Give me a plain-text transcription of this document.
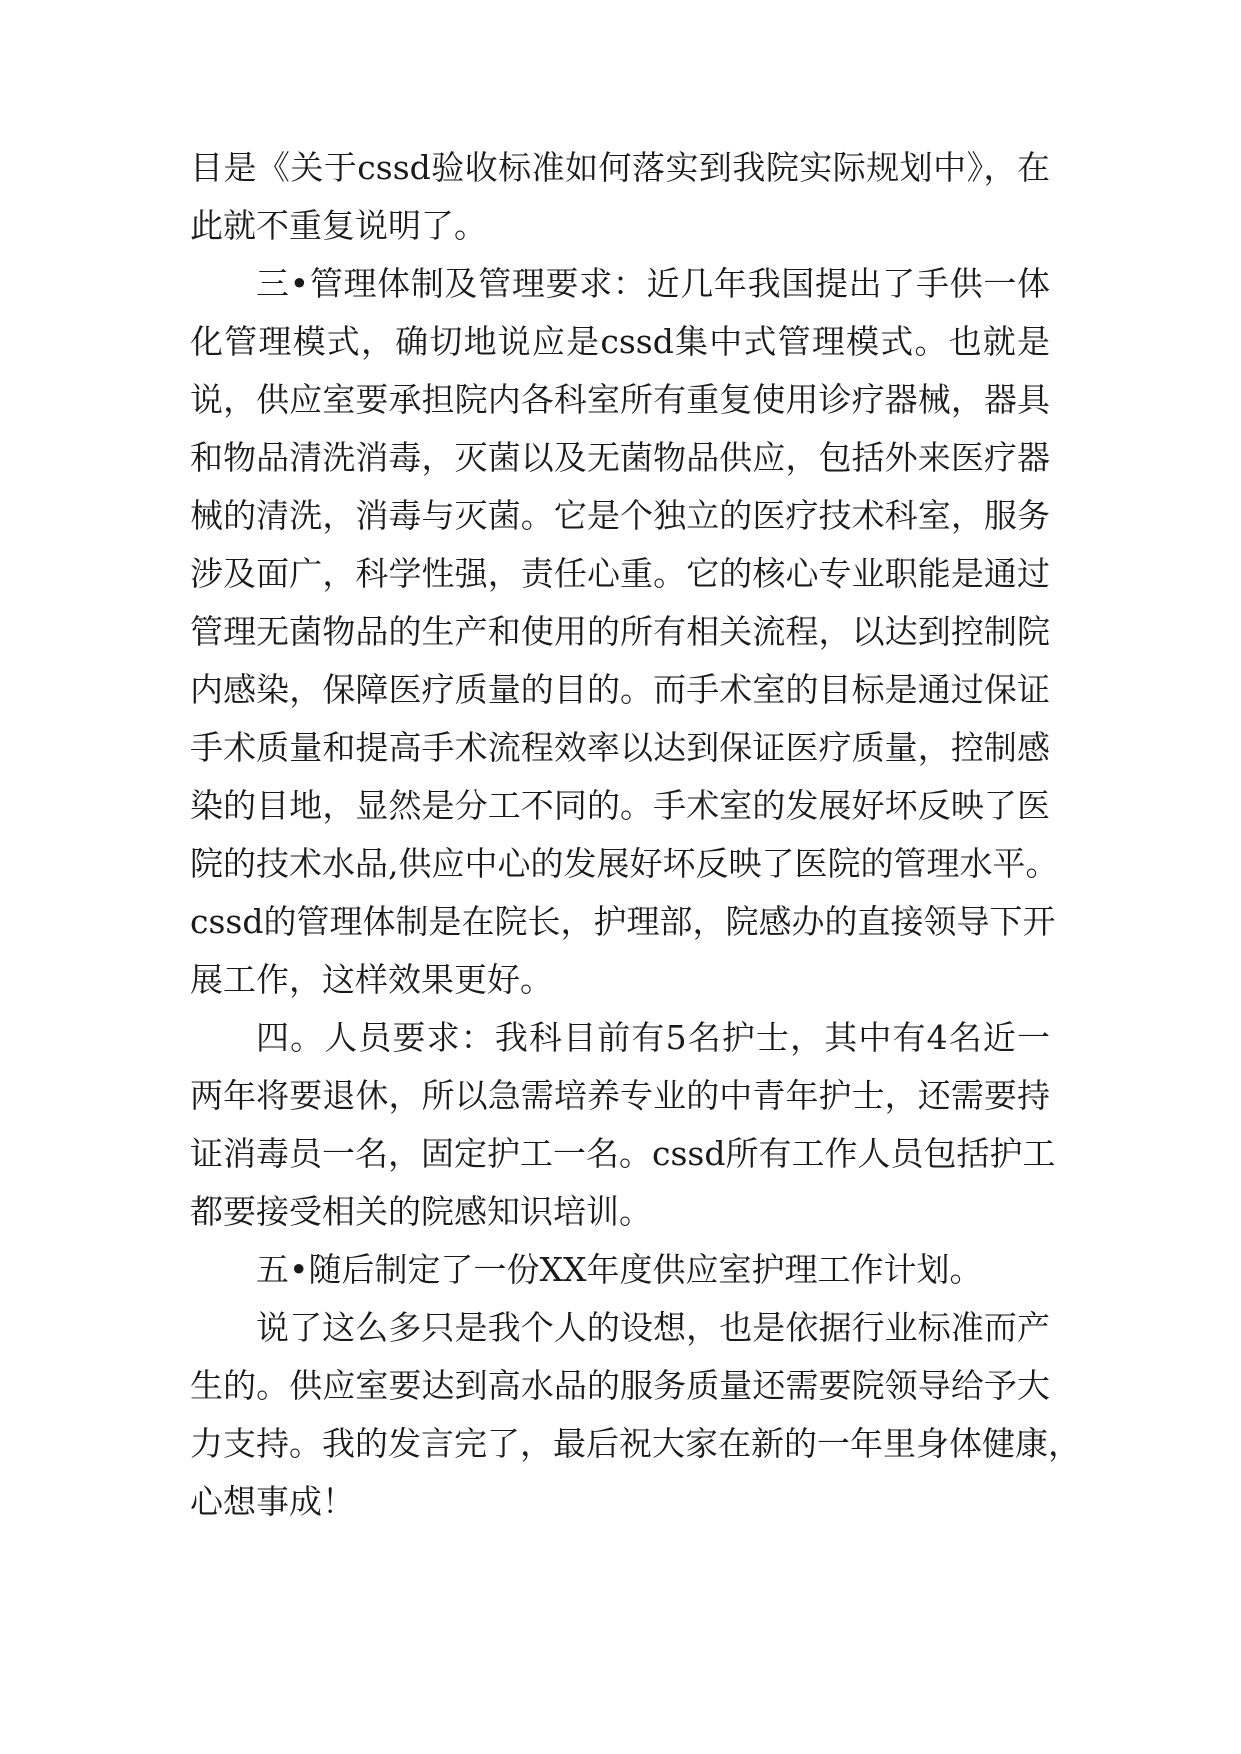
目是《关于cssd验收标准如何落实到我院实际规划中》，在
此就不重复说明了。
三•管理体制及管理要求：近几年我国提出了手供一体
化管理模式，确切地说应是cssd集中式管理模式。也就是
说，供应室要承担院内各科室所有重复使用诊疗器械，器具
和物品清洗消毒，灭菌以及无菌物品供应，包括外来医疗器
械的清洗，消毒与灭菌。它是个独立的医疗技术科室，服务
涉及面广，科学性强，责任心重。它的核心专业职能是通过
管理无菌物品的生产和使用的所有相关流程，以达到控制院
内感染，保障医疗质量的目的。而手术室的目标是通过保证
手术质量和提高手术流程效率以达到保证医疗质量，控制感
染的目地，显然是分工不同的。手术室的发展好坏反映了医
院的技术水品,供应中心的发展好坏反映了医院的管理水平。
cssd的管理体制是在院长，护理部，院感办的直接领导下开
展工作，这样效果更好。
四。人员要求：我科目前有5名护士，其中有4名近一
两年将要退休，所以急需培养专业的中青年护士，还需要持
证消毒员一名，固定护工一名。cssd所有工作人员包括护工
都要接受相关的院感知识培训。
五•随后制定了一份XX年度供应室护理工作计划。
说了这么多只是我个人的设想，也是依据行业标准而产
生的。供应室要达到高水品的服务质量还需要院领导给予大
力支持。我的发言完了，最后祝大家在新的一年里身体健康，
心想事成！
